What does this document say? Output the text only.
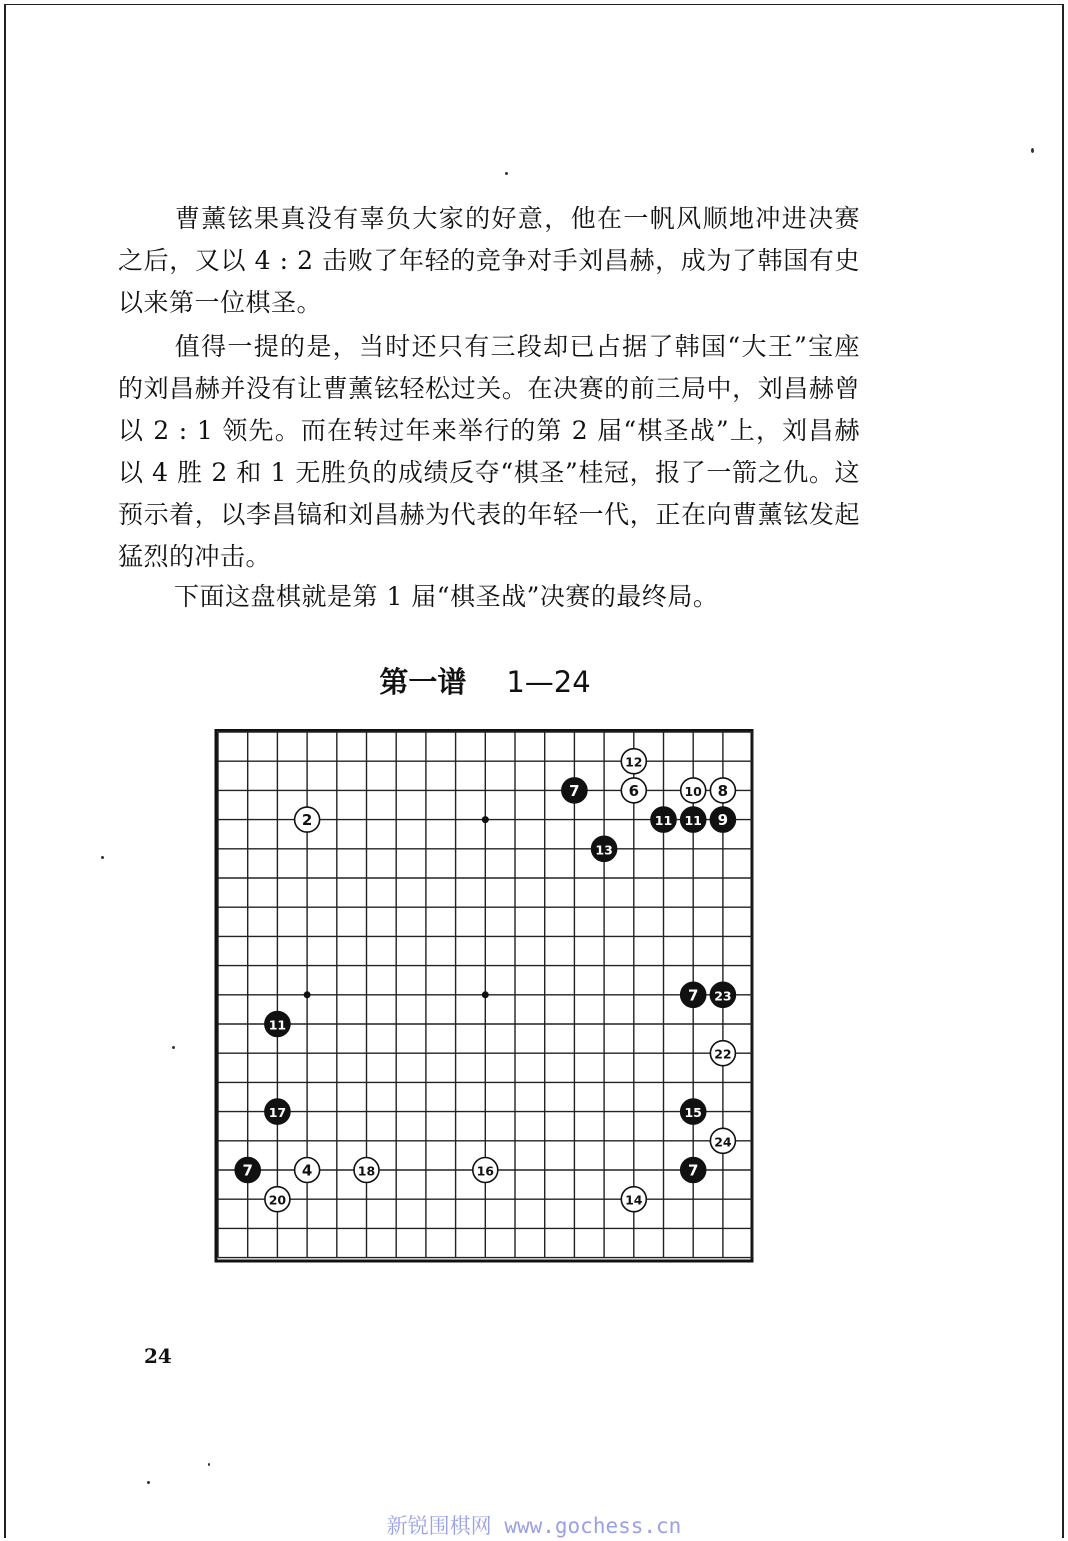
曹薰铉果真没有辜负大家的好意，他在一帆风顺地冲进决赛之后，又以 4 : 2 击败了年轻的竞争对手刘昌赫，成为了韩国有史以来第一位棋圣。

值得一提的是，当时还只有三段却已占据了韩国“大王”宝座的刘昌赫并没有让曹薰铉轻松过关。在决赛的前三局中，刘昌赫曾以 2 : 1 领先。而在转过年来举行的第 2 届“棋圣战”上，刘昌赫以 4 胜 2 和 1 无胜负的成绩反夺“棋圣”桂冠，报了一箭之仇。这预示着，以李昌镐和刘昌赫为代表的年轻一代，正在向曹薰铉发起猛烈的冲击。

下面这盘棋就是第 1 届“棋圣战”决赛的最终局。

第一谱 1—24
7
12
6	10 8
11 11 9
2
13
7 23
11
22
17	15
24
7	4	18	16	7
20	14
24
新锐围棋网 www.gochess.cn
